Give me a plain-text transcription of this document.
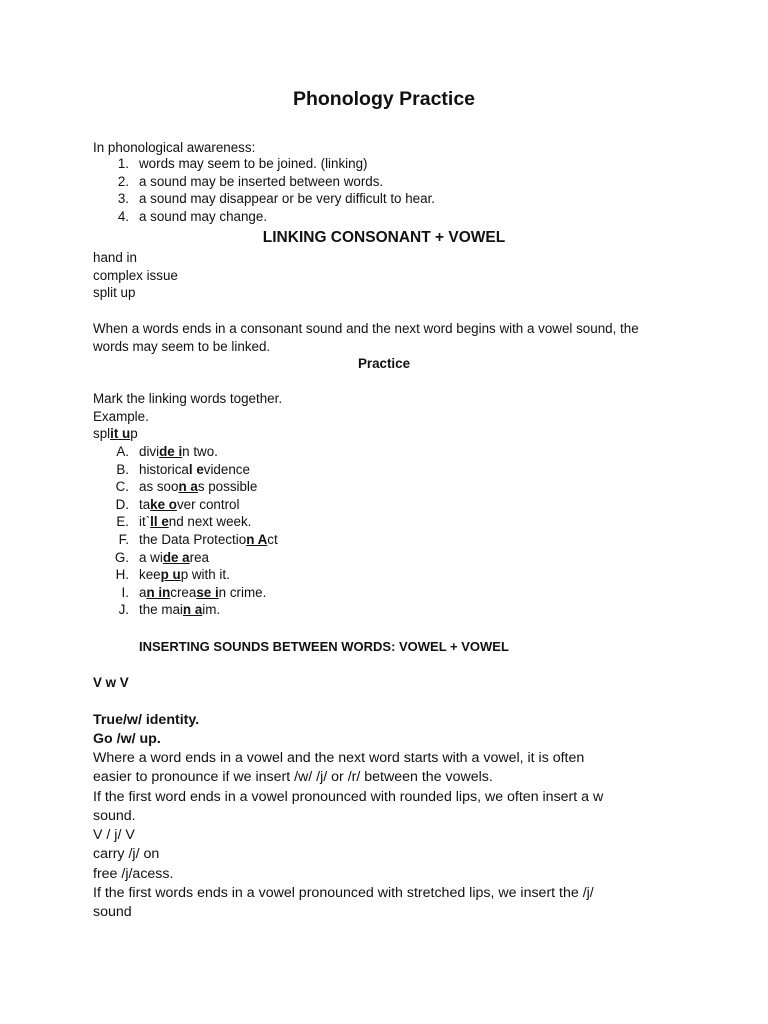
Phonology Practice
In phonological awareness:
1. words may seem to be joined. (linking)
2. a sound may be inserted between words.
3. a sound may disappear or be very difficult to hear.
4. a sound may change.
LINKING CONSONANT + VOWEL
hand in
complex issue
split up
When a words ends in a consonant sound and the next word begins with a vowel sound, the
words may seem to be linked.
Practice
Mark the linking words together.
Example.
split up
A. divide in two.
B. historical evidence
C. as soon as possible
D. take over control
E. it`ll end next week.
F. the Data Protection Act
G. a wide area
H. keep up with it.
I. an increase in crime.
J. the main aim.
INSERTING SOUNDS BETWEEN WORDS: VOWEL + VOWEL
V w V
True/w/ identity.
Go /w/ up.
Where a word ends in a vowel and the next word starts with a vowel, it is often
easier to pronounce if we insert /w/ /j/ or /r/ between the vowels.
If the first word ends in a vowel pronounced with rounded lips, we often insert a w
sound.
V / j/ V
carry /j/ on
free /j/acess.
If the first words ends in a vowel pronounced with stretched lips, we insert the /j/
sound
